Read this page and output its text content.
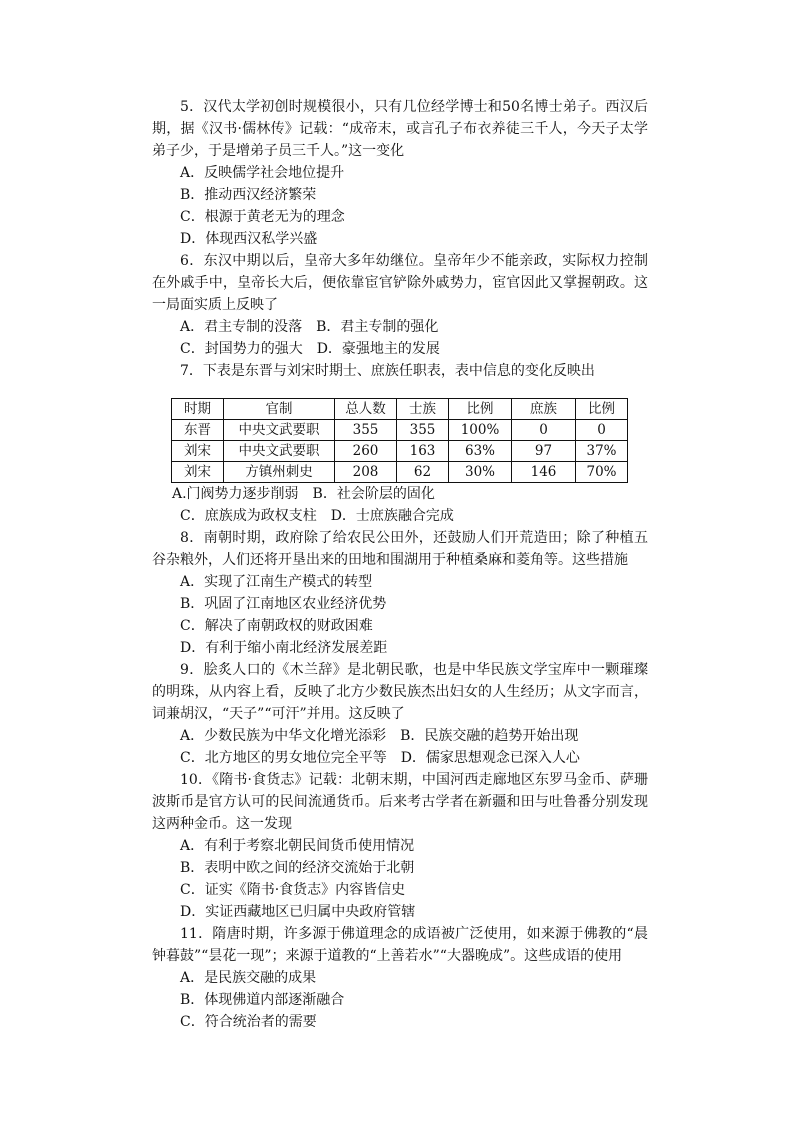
5．汉代太学初创时规模很小，只有几位经学博士和50名博士弟子。西汉后期，据《汉书·儒林传》记载：“成帝末，或言孔子布衣养徒三千人，今天子太学弟子少，于是增弟子员三千人。”这一变化

A．反映儒学社会地位提升

B．推动西汉经济繁荣

C．根源于黄老无为的理念

D．体现西汉私学兴盛

6．东汉中期以后，皇帝大多年幼继位。皇帝年少不能亲政，实际权力控制在外戚手中，皇帝长大后，便依靠宦官铲除外戚势力，宦官因此又掌握朝政。这一局面实质上反映了

A．君主专制的没落　B．君主专制的强化

C．封国势力的强大　D．豪强地主的发展

7．下表是东晋与刘宋时期士、庶族任职表，表中信息的变化反映出

时期	官制	总人数	士族	比例	庶族	比例
东晋	中央文武要职	355	355	100%	0	0
刘宋	中央文武要职	260	163	63%	97	37%
刘宋	方镇州刺史	208	62	30%	146	70%

A.门阀势力逐步削弱　B．社会阶层的固化

C．庶族成为政权支柱　D．士庶族融合完成

8．南朝时期，政府除了给农民公田外，还鼓励人们开荒造田；除了种植五谷杂粮外，人们还将开垦出来的田地和围湖用于种植桑麻和菱角等。这些措施

A．实现了江南生产模式的转型

B．巩固了江南地区农业经济优势

C．解决了南朝政权的财政困难

D．有利于缩小南北经济发展差距

9．脍炙人口的《木兰辞》是北朝民歌，也是中华民族文学宝库中一颗璀璨的明珠，从内容上看，反映了北方少数民族杰出妇女的人生经历；从文字而言，词兼胡汉，“天子”“可汗”并用。这反映了

A．少数民族为中华文化增光添彩　B．民族交融的趋势开始出现

C．北方地区的男女地位完全平等　D．儒家思想观念已深入人心

10．《隋书·食货志》记载：北朝末期，中国河西走廊地区东罗马金币、萨珊波斯币是官方认可的民间流通货币。后来考古学者在新疆和田与吐鲁番分别发现这两种金币。这一发现

A．有利于考察北朝民间货币使用情况

B．表明中欧之间的经济交流始于北朝

C．证实《隋书·食货志》内容皆信史

D．实证西藏地区已归属中央政府管辖

11．隋唐时期，许多源于佛道理念的成语被广泛使用，如来源于佛教的“晨钟暮鼓”“昙花一现”；来源于道教的“上善若水”“大器晚成”。这些成语的使用

A．是民族交融的成果

B．体现佛道内部逐渐融合

C．符合统治者的需要
